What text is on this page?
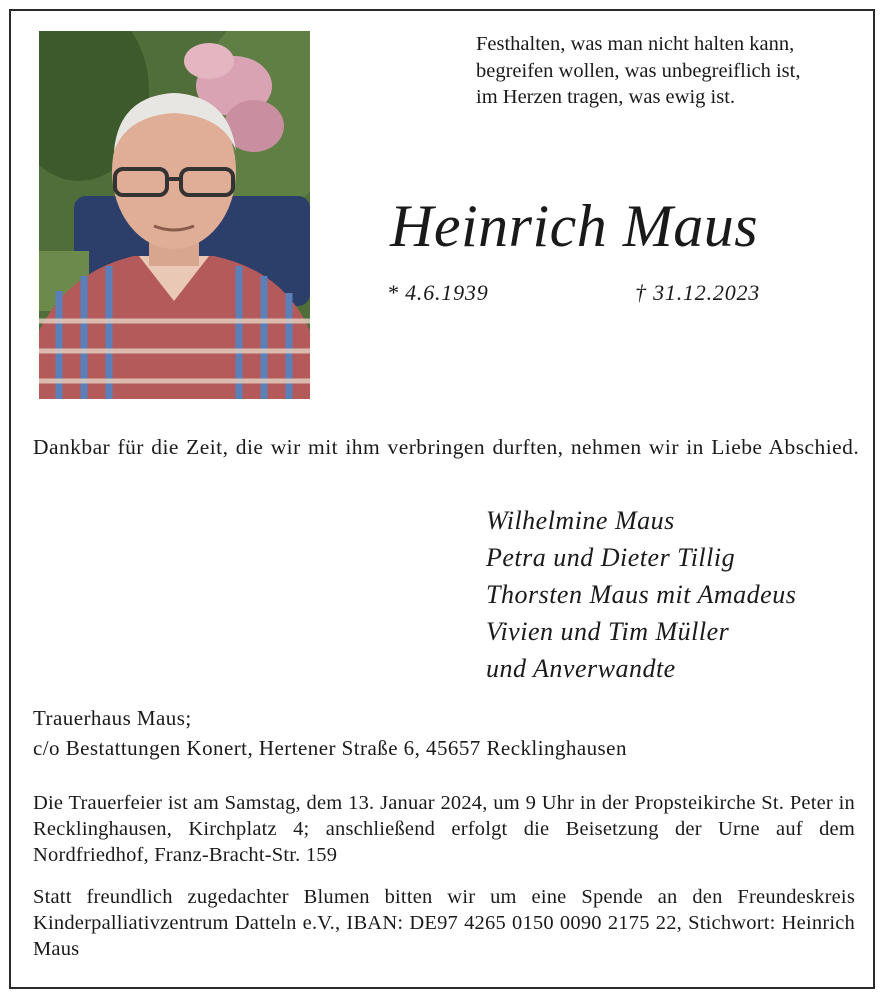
Festhalten, was man nicht halten kann,
begreifen wollen, was unbegreiflich ist,
im Herzen tragen, was ewig ist.
Heinrich Maus
* 4.6.1939	† 31.12.2023
Dankbar für die Zeit, die wir mit ihm verbringen durften, nehmen wir in Liebe Abschied.
Wilhelmine Maus
Petra und Dieter Tillig
Thorsten Maus mit Amadeus
Vivien und Tim Müller
und Anverwandte
Trauerhaus Maus;
c/o Bestattungen Konert, Hertener Straße 6, 45657 Recklinghausen
Die Trauerfeier ist am Samstag, dem 13. Januar 2024, um 9 Uhr in der Propsteikirche St. Peter in Recklinghausen, Kirchplatz 4; anschließend erfolgt die Beisetzung der Urne auf dem Nordfriedhof, Franz-Bracht-Str. 159
Statt freundlich zugedachter Blumen bitten wir um eine Spende an den Freundeskreis Kinderpalliativzentrum Datteln e.V., IBAN: DE97 4265 0150 0090 2175 22, Stichwort: Heinrich Maus
